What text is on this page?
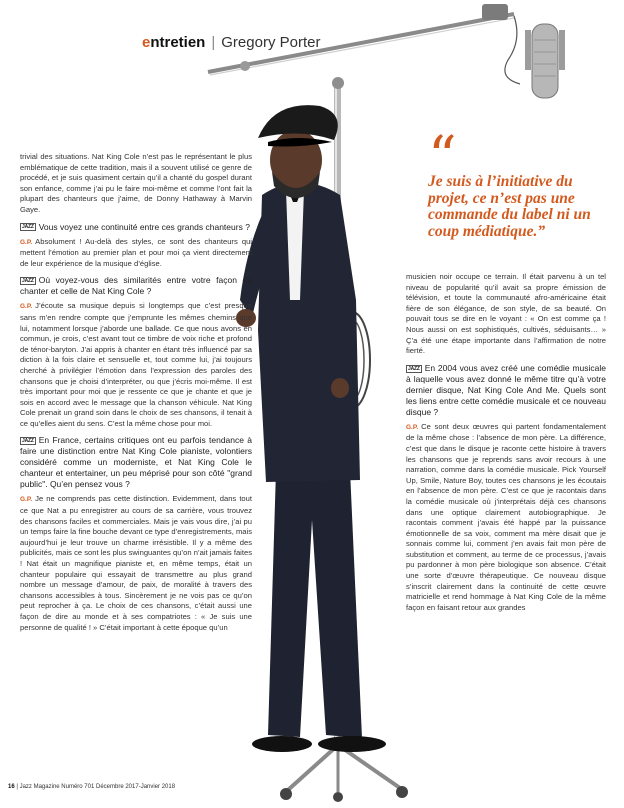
entretien | Gregory Porter

trivial des situations. Nat King Cole n’est pas le représentant le plus emblématique de cette tradition, mais il a souvent utilisé ce genre de procédé, et je suis quasiment certain qu’il a chanté du gospel durant son enfance, comme j’ai pu le faire moi-même et comme l’ont fait la plupart des chanteurs que j’aime, de Donny Hathaway à Marvin Gaye.

JAZZ Vous voyez une continuité entre ces grands chanteurs ?

G.P. Absolument ! Au-delà des styles, ce sont des chanteurs qui mettent l’émotion au premier plan et pour moi ça vient directement de leur expérience de la musique d’église.

JAZZ Où voyez-vous des similarités entre votre façon de chanter et celle de Nat King Cole ?

G.P. J’écoute sa musique depuis si longtemps que c’est presque sans m’en rendre compte que j’emprunte les mêmes chemins que lui, notamment lorsque j’aborde une ballade. Ce que nous avons en commun, je crois, c’est avant tout ce timbre de voix riche et profond de ténor-baryton. J’ai appris à chanter en étant très influencé par sa diction à la fois claire et sensuelle et, tout comme lui, j’ai toujours cherché à privilégier l’émotion dans l’expression des paroles des chansons que je choisi d’interpréter, ou que j’écris moi-même. Il est très important pour moi que je ressente ce que je chante et que je sois en accord avec le message que la chanson véhicule. Nat King Cole prenait un grand soin dans le choix de ses chansons, il tenait à ce qu’elles aient du sens. C’est la même chose pour moi.

JAZZ En France, certains critiques ont eu parfois tendance à faire une distinction entre Nat King Cole pianiste, volontiers considéré comme un moderniste, et Nat King Cole le chanteur et entertainer, un peu méprisé pour son côté "grand public". Qu’en pensez vous ?

G.P. Je ne comprends pas cette distinction. Evidemment, dans tout ce que Nat a pu enregistrer au cours de sa carrière, vous trouvez des chansons faciles et commerciales. Mais je vais vous dire, j’ai pu un temps faire la fine bouche devant ce type d’enregistrements, mais aujourd’hui je leur trouve un charme irrésistible. Il y a même des publicités, mais ce sont les plus swinguantes qu’on n’ait jamais faites ! Nat était un magnifique pianiste et, en même temps, était un chanteur populaire qui essayait de transmettre au plus grand nombre un message d’amour, de paix, de moralité à travers des chansons accessibles à tous. Sincèrement je ne vois pas ce qu’on peut reprocher à ça. Le choix de ces chansons, c’était aussi une façon de dire au monde et à ses compatriotes : « Je suis une personne de qualité ! » C’était important à cette époque qu’un

“
Je suis à l’initiative du projet, ce n’est pas une commande du label ni un coup médiatique.”

musicien noir occupe ce terrain. Il était parvenu à un tel niveau de popularité qu’il avait sa propre émission de télévision, et toute la communauté afro-américaine était fière de son élégance, de son style, de sa beauté. On pouvait tous se dire en le voyant : « On est comme ça ! Nous aussi on est sophistiqués, cultivés, séduisants… » Ç’a été une étape importante dans l’affirmation de notre fierté.

JAZZ En 2004 vous avez créé une comédie musicale à laquelle vous avez donné le même titre qu’à votre dernier disque, Nat King Cole And Me. Quels sont les liens entre cette comédie musicale et ce nouveau disque ?

G.P. Ce sont deux œuvres qui partent fondamentalement de la même chose : l’absence de mon père. La différence, c’est que dans le disque je raconte cette histoire à travers les chansons que je reprends sans avoir recours à une narration, comme dans la comédie musicale. Pick Yourself Up, Smile, Nature Boy, toutes ces chansons je les écoutais en l’absence de mon père. C’est ce que je racontais dans la comédie musicale où j’interprétais déjà ces chansons dans une optique clairement autobiographique. Je racontais comment j’avais été happé par la puissance émotionnelle de sa voix, comment ma mère disait que je sonnais comme lui, comment j’en avais fait mon père de substitution et comment, au terme de ce processus, j’avais pu pardonner à mon père biologique son absence. C’était une sorte d’œuvre thérapeutique. Ce nouveau disque s’inscrit clairement dans la continuité de cette œuvre matricielle et rend hommage à Nat King Cole de la même façon en faisant retour aux grandes

16 | Jazz Magazine Numéro 701 Décembre 2017-Janvier 2018
